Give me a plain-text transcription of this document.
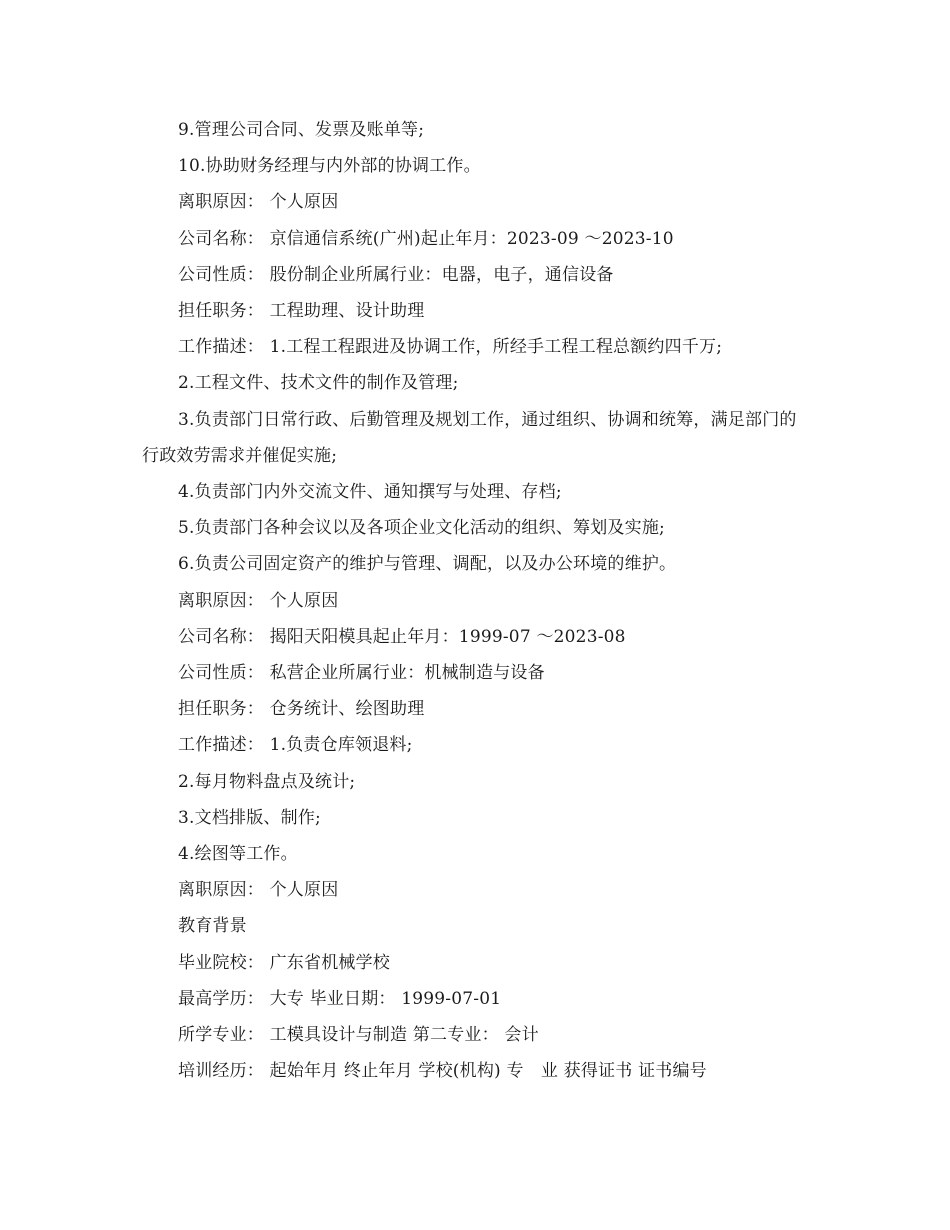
9.管理公司合同、发票及账单等;
10.协助财务经理与内外部的协调工作。
离职原因： 个人原因
公司名称： 京信通信系统(广州)起止年月：2023-09 ～2023-10
公司性质： 股份制企业所属行业：电器，电子，通信设备
担任职务： 工程助理、设计助理
工作描述： 1.工程工程跟进及协调工作，所经手工程工程总额约四千万;
2.工程文件、技术文件的制作及管理;
3.负责部门日常行政、后勤管理及规划工作，通过组织、协调和统筹，满足部门的行政效劳需求并催促实施;
4.负责部门内外交流文件、通知撰写与处理、存档;
5.负责部门各种会议以及各项企业文化活动的组织、筹划及实施;
6.负责公司固定资产的维护与管理、调配，以及办公环境的维护。
离职原因： 个人原因
公司名称： 揭阳天阳模具起止年月：1999-07 ～2023-08
公司性质： 私营企业所属行业：机械制造与设备
担任职务： 仓务统计、绘图助理
工作描述： 1.负责仓库领退料;
2.每月物料盘点及统计;
3.文档排版、制作;
4.绘图等工作。
离职原因： 个人原因
教育背景
毕业院校： 广东省机械学校
最高学历： 大专 毕业日期： 1999-07-01
所学专业： 工模具设计与制造 第二专业： 会计
培训经历： 起始年月 终止年月 学校(机构) 专　业 获得证书 证书编号
